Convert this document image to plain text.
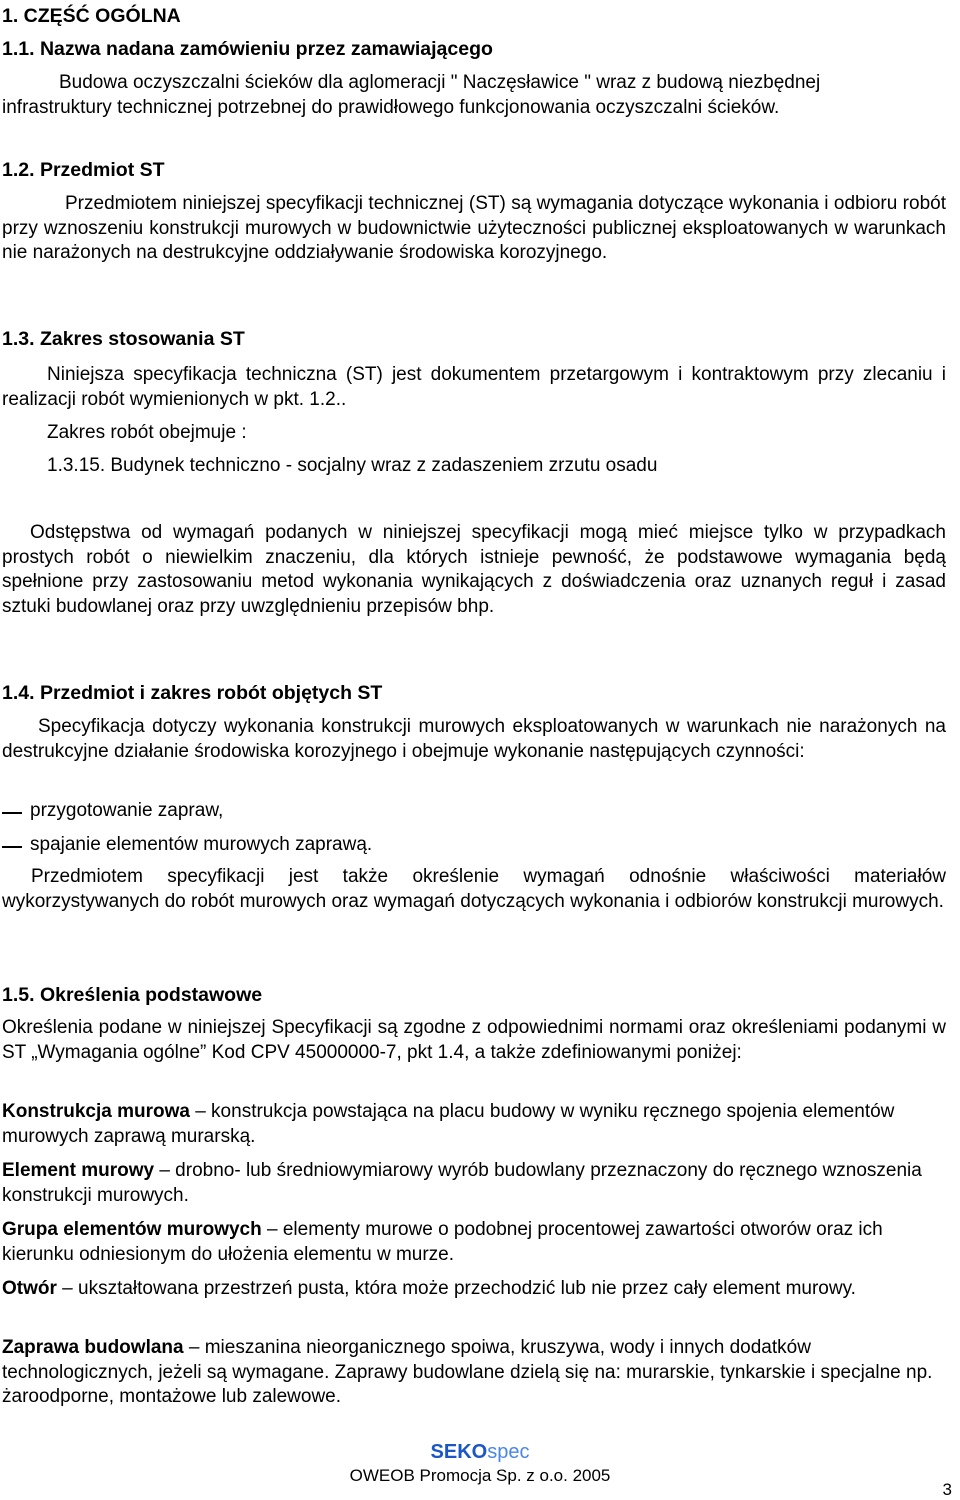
1. CZĘŚĆ OGÓLNA
1.1. Nazwa nadana zamówieniu przez zamawiającego
Budowa oczyszczalni ścieków dla aglomeracji " Naczęsławice " wraz z budową niezbędnej
infrastruktury technicznej potrzebnej do prawidłowego funkcjonowania oczyszczalni ścieków.
1.2. Przedmiot ST
Przedmiotem niniejszej specyfikacji technicznej (ST) są wymagania dotyczące wykonania i odbioru robót przy wznoszeniu konstrukcji murowych w budownictwie użyteczności publicznej eksploatowanych w warunkach nie narażonych na destrukcyjne oddziaływanie środowiska korozyjnego.
1.3. Zakres stosowania ST
Niniejsza specyfikacja techniczna (ST) jest dokumentem przetargowym i kontraktowym przy zlecaniu i realizacji robót wymienionych w pkt. 1.2..
Zakres robót obejmuje :
1.3.15. Budynek techniczno - socjalny wraz z zadaszeniem zrzutu osadu
Odstępstwa od wymagań podanych w niniejszej specyfikacji mogą mieć miejsce tylko w przypadkach prostych robót o niewielkim znaczeniu, dla których istnieje pewność, że podstawowe wymagania będą spełnione przy zastosowaniu metod wykonania wynikających z doświadczenia oraz uznanych reguł i zasad sztuki budowlanej oraz przy uwzględnieniu przepisów bhp.
1.4. Przedmiot i zakres robót objętych ST
Specyfikacja dotyczy wykonania konstrukcji murowych eksploatowanych w warunkach nie narażonych na destrukcyjne działanie środowiska korozyjnego i obejmuje wykonanie następujących czynności:
przygotowanie zapraw,
spajanie elementów murowych zaprawą.
Przedmiotem specyfikacji jest także określenie wymagań odnośnie właściwości materiałów wykorzystywanych do robót murowych oraz wymagań dotyczących wykonania i odbiorów konstrukcji murowych.
1.5. Określenia podstawowe
Określenia podane w niniejszej Specyfikacji są zgodne z odpowiednimi normami oraz określeniami podanymi w ST „Wymagania ogólne” Kod CPV 45000000-7, pkt 1.4, a także zdefiniowanymi poniżej:
Konstrukcja murowa – konstrukcja powstająca na placu budowy w wyniku ręcznego spojenia elementów murowych zaprawą murarską.
Element murowy – drobno- lub średniowymiarowy wyrób budowlany przeznaczony do ręcznego wznoszenia konstrukcji murowych.
Grupa elementów murowych – elementy murowe o podobnej procentowej zawartości otworów oraz ich kierunku odniesionym do ułożenia elementu w murze.
Otwór – ukształtowana przestrzeń pusta, która może przechodzić lub nie przez cały element murowy.
Zaprawa budowlana – mieszanina nieorganicznego spoiwa, kruszywa, wody i innych dodatków technologicznych, jeżeli są wymagane. Zaprawy budowlane dzielą się na: murarskie, tynkarskie i specjalne np. żaroodporne, montażowe lub zalewowe.
SEKOspec
OWEOB Promocja Sp. z o.o. 2005
3
